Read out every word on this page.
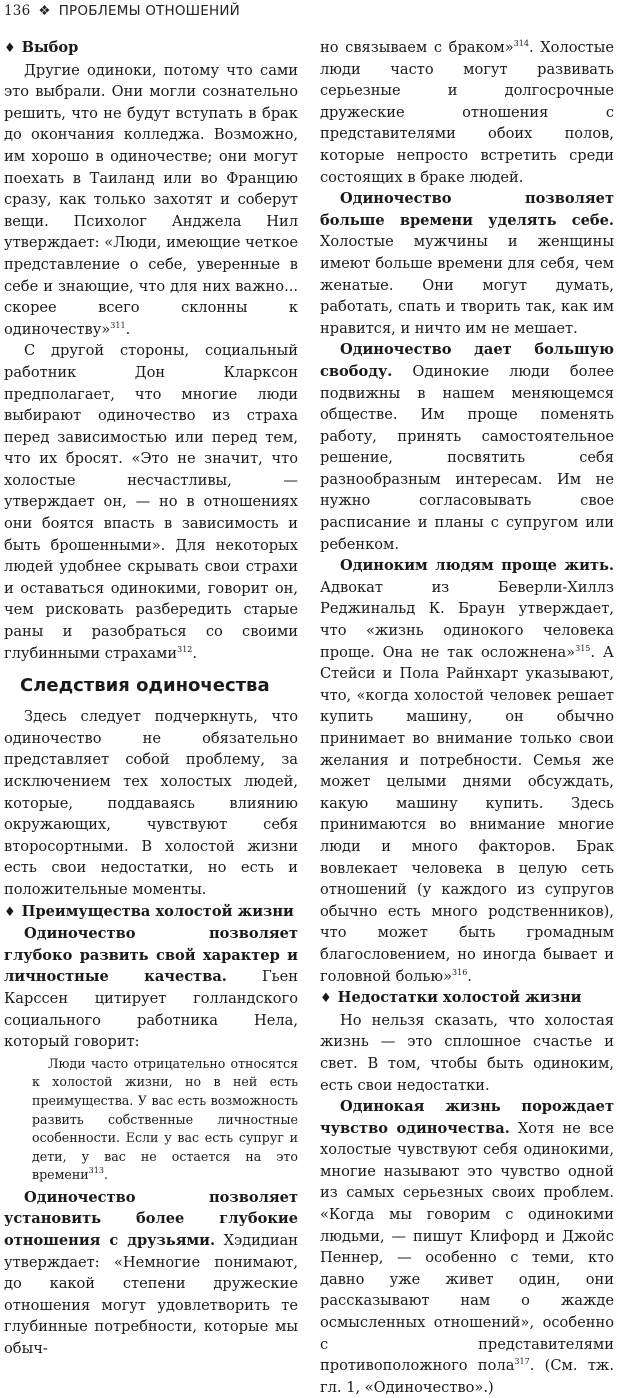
136 ❖ ПРОБЛЕМЫ ОТНОШЕНИЙ
♦ Выбор

Другие одиноки, потому что сами это выбрали. Они могли сознательно решить, что не будут вступать в брак до окончания колледжа. Возможно, им хорошо в одиночестве; они могут поехать в Таиланд или во Францию сразу, как только захотят и соберут вещи. Психолог Анджела Нил утверждает: «Люди, имеющие четкое представление о себе, уверенные в себе и знающие, что для них важно... скорее всего склонны к одиночеству»$^{311}$.

С другой стороны, социальный работник Дон Кларксон предполагает, что многие люди выбирают одиночество из страха перед зависимостью или перед тем, что их бросят. «Это не значит, что холостые несчастливы, — утверждает он, — но в отношениях они боятся впасть в зависимость и быть брошенными». Для некоторых людей удобнее скрывать свои страхи и оставаться одинокими, говорит он, чем рисковать разбередить старые раны и разобраться со своими глубинными страхами$^{312}$.

Следствия одиночества

Здесь следует подчеркнуть, что одиночество не обязательно представляет собой проблему, за исключением тех холостых людей, которые, поддаваясь влиянию окружающих, чувствуют себя второсортными. В холостой жизни есть свои недостатки, но есть и положительные моменты.

♦ Преимущества холостой жизни

Одиночество позволяет глубоко развить свой характер и личностные качества. Гьен Карссен цитирует голландского социального работника Нела, который говорит:

Люди часто отрицательно относятся к холостой жизни, но в ней есть преимущества. У вас есть возможность развить собственные личностные особенности. Если у вас есть супруг и дети, у вас не остается на это времени$^{313}$.

Одиночество позволяет установить более глубокие отношения с друзьями. Хэдидиан утверждает: «Немногие понимают, до какой степени дружеские отношения могут удовлетворить те глубинные потребности, которые мы обыч-

но связываем с браком»$^{314}$. Холостые люди часто могут развивать серьезные и долгосрочные дружеские отношения с представителями обоих полов, которые непросто встретить среди состоящих в браке людей.

Одиночество позволяет больше времени уделять себе. Холостые мужчины и женщины имеют больше времени для себя, чем женатые. Они могут думать, работать, спать и творить так, как им нравится, и ничто им не мешает.

Одиночество дает большую свободу. Одинокие люди более подвижны в нашем меняющемся обществе. Им проще поменять работу, принять самостоятельное решение, посвятить себя разнообразным интересам. Им не нужно согласовывать свое расписание и планы с супругом или ребенком.

Одиноким людям проще жить. Адвокат из Беверли-Хиллз Реджинальд К. Браун утверждает, что «жизнь одинокого человека проще. Она не так осложнена»$^{315}$. А Стейси и Пола Райнхарт указывают, что, «когда холостой человек решает купить машину, он обычно принимает во внимание только свои желания и потребности. Семья же может целыми днями обсуждать, какую машину купить. Здесь принимаются во внимание многие люди и много факторов. Брак вовлекает человека в целую сеть отношений (у каждого из супругов обычно есть много родственников), что может быть громадным благословением, но иногда бывает и головной болью»$^{316}$.

♦ Недостатки холостой жизни

Но нельзя сказать, что холостая жизнь — это сплошное счастье и свет. В том, чтобы быть одиноким, есть свои недостатки.

Одинокая жизнь порождает чувство одиночества. Хотя не все холостые чувствуют себя одинокими, многие называют это чувство одной из самых серьезных своих проблем. «Когда мы говорим с одинокими людьми, — пишут Клифорд и Джойс Пеннер, — особенно с теми, кто давно уже живет один, они рассказывают нам о жажде осмысленных отношений», особенно с представителями противоположного пола$^{317}$. (См. тж. гл. 1, «Одиночество».)
